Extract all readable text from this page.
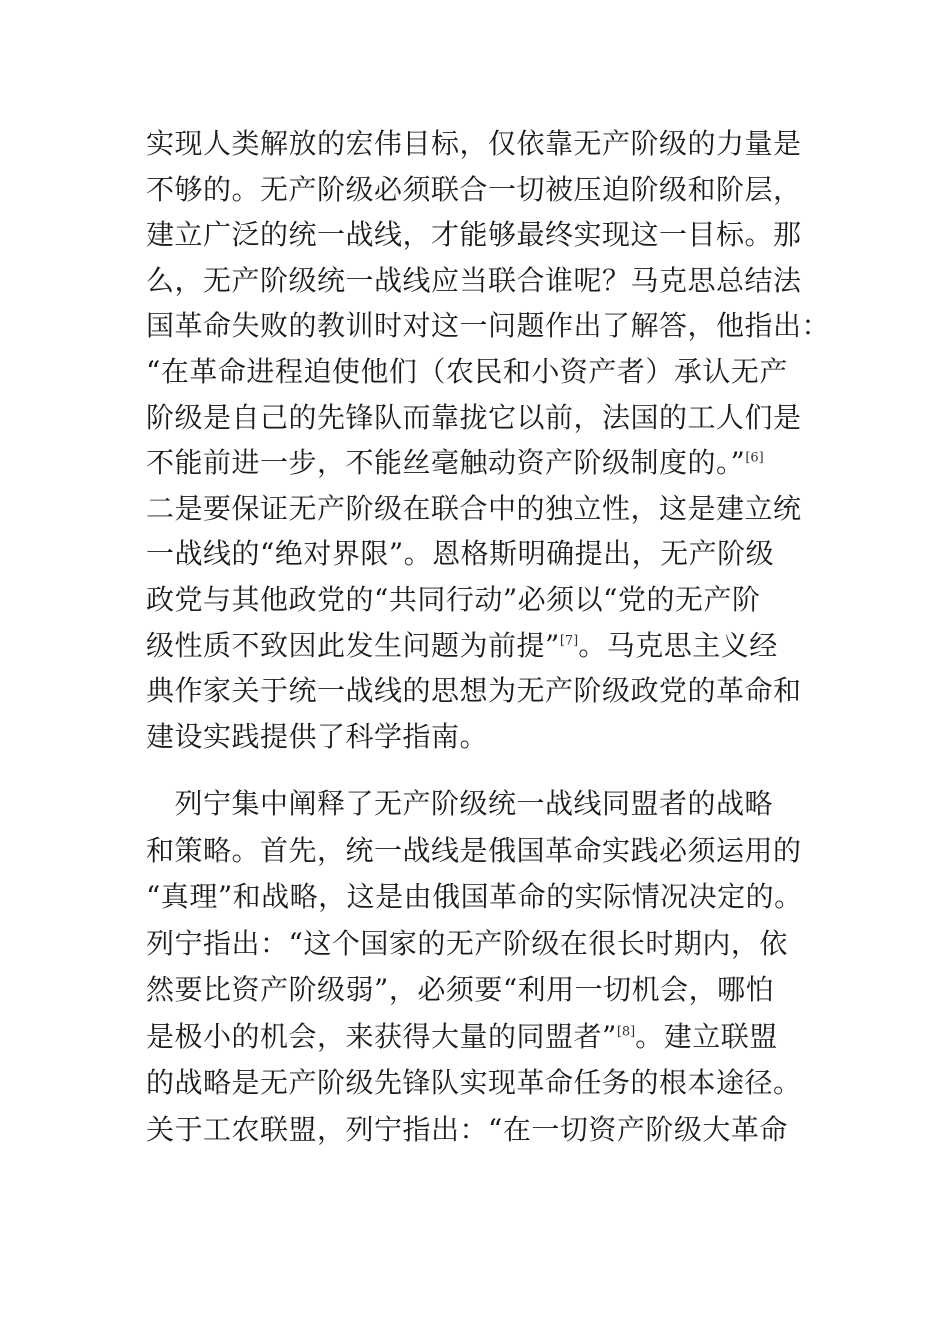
实现人类解放的宏伟目标，仅依靠无产阶级的力量是
不够的。无产阶级必须联合一切被压迫阶级和阶层，
建立广泛的统一战线，才能够最终实现这一目标。那
么，无产阶级统一战线应当联合谁呢？马克思总结法
国革命失败的教训时对这一问题作出了解答，他指出：
“在革命进程迫使他们（农民和小资产者）承认无产
阶级是自己的先锋队而靠拢它以前，法国的工人们是
不能前进一步，不能丝毫触动资产阶级制度的。”[6]
二是要保证无产阶级在联合中的独立性，这是建立统
一战线的“绝对界限”。恩格斯明确提出，无产阶级
政党与其他政党的“共同行动”必须以“党的无产阶
级性质不致因此发生问题为前提”[7]。马克思主义经
典作家关于统一战线的思想为无产阶级政党的革命和
建设实践提供了科学指南。
　列宁集中阐释了无产阶级统一战线同盟者的战略
和策略。首先，统一战线是俄国革命实践必须运用的
“真理”和战略，这是由俄国革命的实际情况决定的。
列宁指出：“这个国家的无产阶级在很长时期内，依
然要比资产阶级弱”，必须要“利用一切机会，哪怕
是极小的机会，来获得大量的同盟者”[8]。建立联盟
的战略是无产阶级先锋队实现革命任务的根本途径。
关于工农联盟，列宁指出：“在一切资产阶级大革命
